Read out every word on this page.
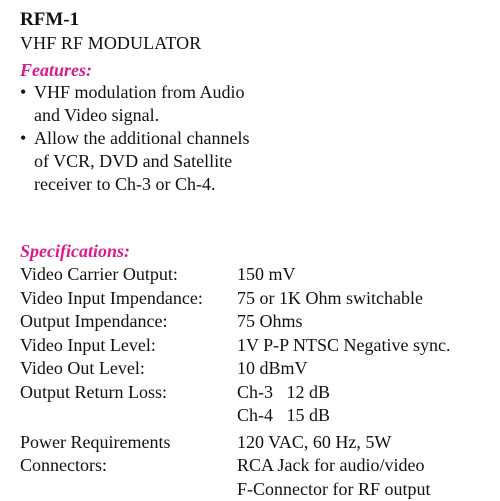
RFM-1
VHF RF MODULATOR
Features:
• VHF modulation from Audio
and Video signal.
• Allow the additional channels
of VCR, DVD and Satellite
receiver to Ch-3 or Ch-4.
Specifications:
Video Carrier Output:	150 mV
Video Input Impendance:	75 or 1K Ohm switchable
Output Impendance:	75 Ohms
Video Input Level:	1V P-P NTSC Negative sync.
Video Out Level:	10 dBmV
Output Return Loss:	Ch-3 12 dB
Ch-4 15 dB
Power Requirements	120 VAC, 60 Hz, 5W
Connectors:	RCA Jack for audio/video
F-Connector for RF output
